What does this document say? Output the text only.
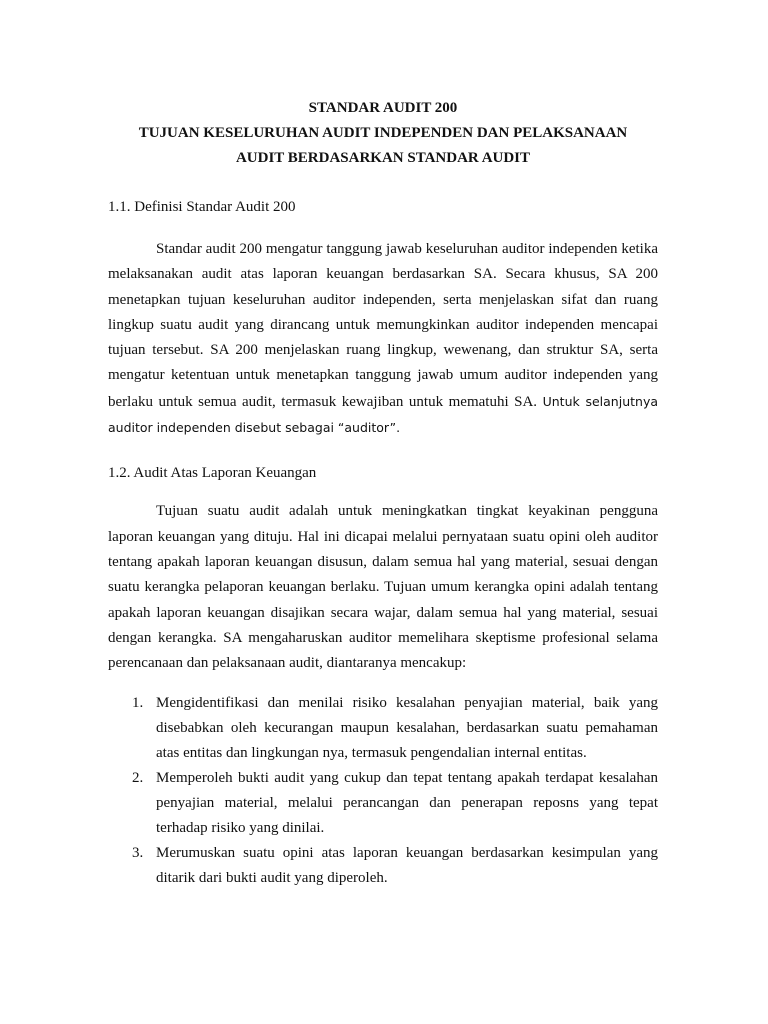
STANDAR AUDIT 200

TUJUAN KESELURUHAN AUDIT INDEPENDEN DAN PELAKSANAAN

AUDIT BERDASARKAN STANDAR AUDIT

1.1. Definisi Standar Audit 200

Standar audit 200 mengatur tanggung jawab keseluruhan auditor independen ketika melaksanakan audit atas laporan keuangan berdasarkan SA. Secara khusus, SA 200 menetapkan tujuan keseluruhan auditor independen, serta menjelaskan sifat dan ruang lingkup suatu audit yang dirancang untuk memungkinkan auditor independen mencapai tujuan tersebut. SA 200 menjelaskan ruang lingkup, wewenang, dan struktur SA, serta mengatur ketentuan untuk menetapkan tanggung jawab umum auditor independen yang berlaku untuk semua audit, termasuk kewajiban untuk mematuhi SA. Untuk selanjutnya auditor independen disebut sebagai “auditor”.

1.2. Audit Atas Laporan Keuangan

Tujuan suatu audit adalah untuk meningkatkan tingkat keyakinan pengguna laporan keuangan yang dituju. Hal ini dicapai melalui pernyataan suatu opini oleh auditor tentang apakah laporan keuangan disusun, dalam semua hal yang material, sesuai dengan suatu kerangka pelaporan keuangan berlaku. Tujuan umum kerangka opini adalah tentang apakah laporan keuangan disajikan secara wajar, dalam semua hal yang material, sesuai dengan kerangka. SA mengaharuskan auditor memelihara skeptisme profesional selama perencanaan dan pelaksanaan audit, diantaranya mencakup:

1. Mengidentifikasi dan menilai risiko kesalahan penyajian material, baik yang disebabkan oleh kecurangan maupun kesalahan, berdasarkan suatu pemahaman atas entitas dan lingkungan nya, termasuk pengendalian internal entitas.
2. Memperoleh bukti audit yang cukup dan tepat tentang apakah terdapat kesalahan penyajian material, melalui perancangan dan penerapan reposns yang tepat terhadap risiko yang dinilai.
3. Merumuskan suatu opini atas laporan keuangan berdasarkan kesimpulan yang ditarik dari bukti audit yang diperoleh.
